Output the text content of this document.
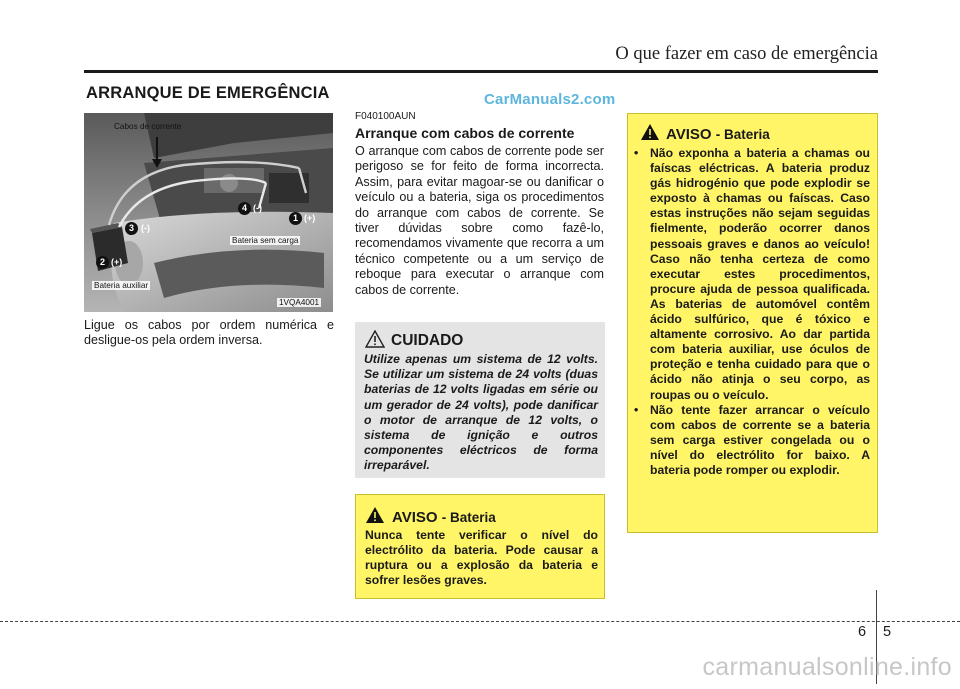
O que fazer em caso de emergência
ARRANQUE DE EMERGÊNCIA	CarManuals2.com
Cabos de corrente
Bateria sem carga
Bateria auxiliar
1VQA4001
1 (+)
4 (-)
3 (-)
2 (+)
Ligue os cabos por ordem numérica e desligue-os pela ordem inversa.
F040100AUN
Arranque com cabos de corrente
O arranque com cabos de corrente pode ser perigoso se for feito de forma incorrecta. Assim, para evitar magoar-se ou danificar o veículo ou a bateria, siga os procedimentos do arranque com cabos de corrente. Se tiver dúvidas sobre como fazê-lo, recomendamos vivamente que recorra a um técnico competente ou a um serviço de reboque para executar o arranque com cabos de corrente.
CUIDADO
Utilize apenas um sistema de 12 volts. Se utilizar um sistema de 24 volts (duas baterias de 12 volts ligadas em série ou um gerador de 24 volts), pode danificar o motor de arranque de 12 volts, o sistema de ignição e outros componentes eléctricos de forma irreparável.
AVISO - Bateria
Nunca tente verificar o nível do electrólito da bateria. Pode causar a ruptura ou a explosão da bateria e sofrer lesões graves.
AVISO - Bateria
• Não exponha a bateria a chamas ou faíscas eléctricas. A bateria produz gás hidrogénio que pode explodir se exposto à chamas ou faíscas. Caso estas instruções não sejam seguidas fielmente, poderão ocorrer danos pessoais graves e danos ao veículo! Caso não tenha certeza de como executar estes procedimentos, procure ajuda de pessoa qualificada. As baterias de automóvel contêm ácido sulfúrico, que é tóxico e altamente corrosivo. Ao dar partida com bateria auxiliar, use óculos de proteção e tenha cuidado para que o ácido não atinja o seu corpo, as roupas ou o veículo.
• Não tente fazer arrancar o veículo com cabos de corrente se a bateria sem carga estiver congelada ou o nível do electrólito for baixo. A bateria pode romper ou explodir.
6 5
carmanualsonline.info
